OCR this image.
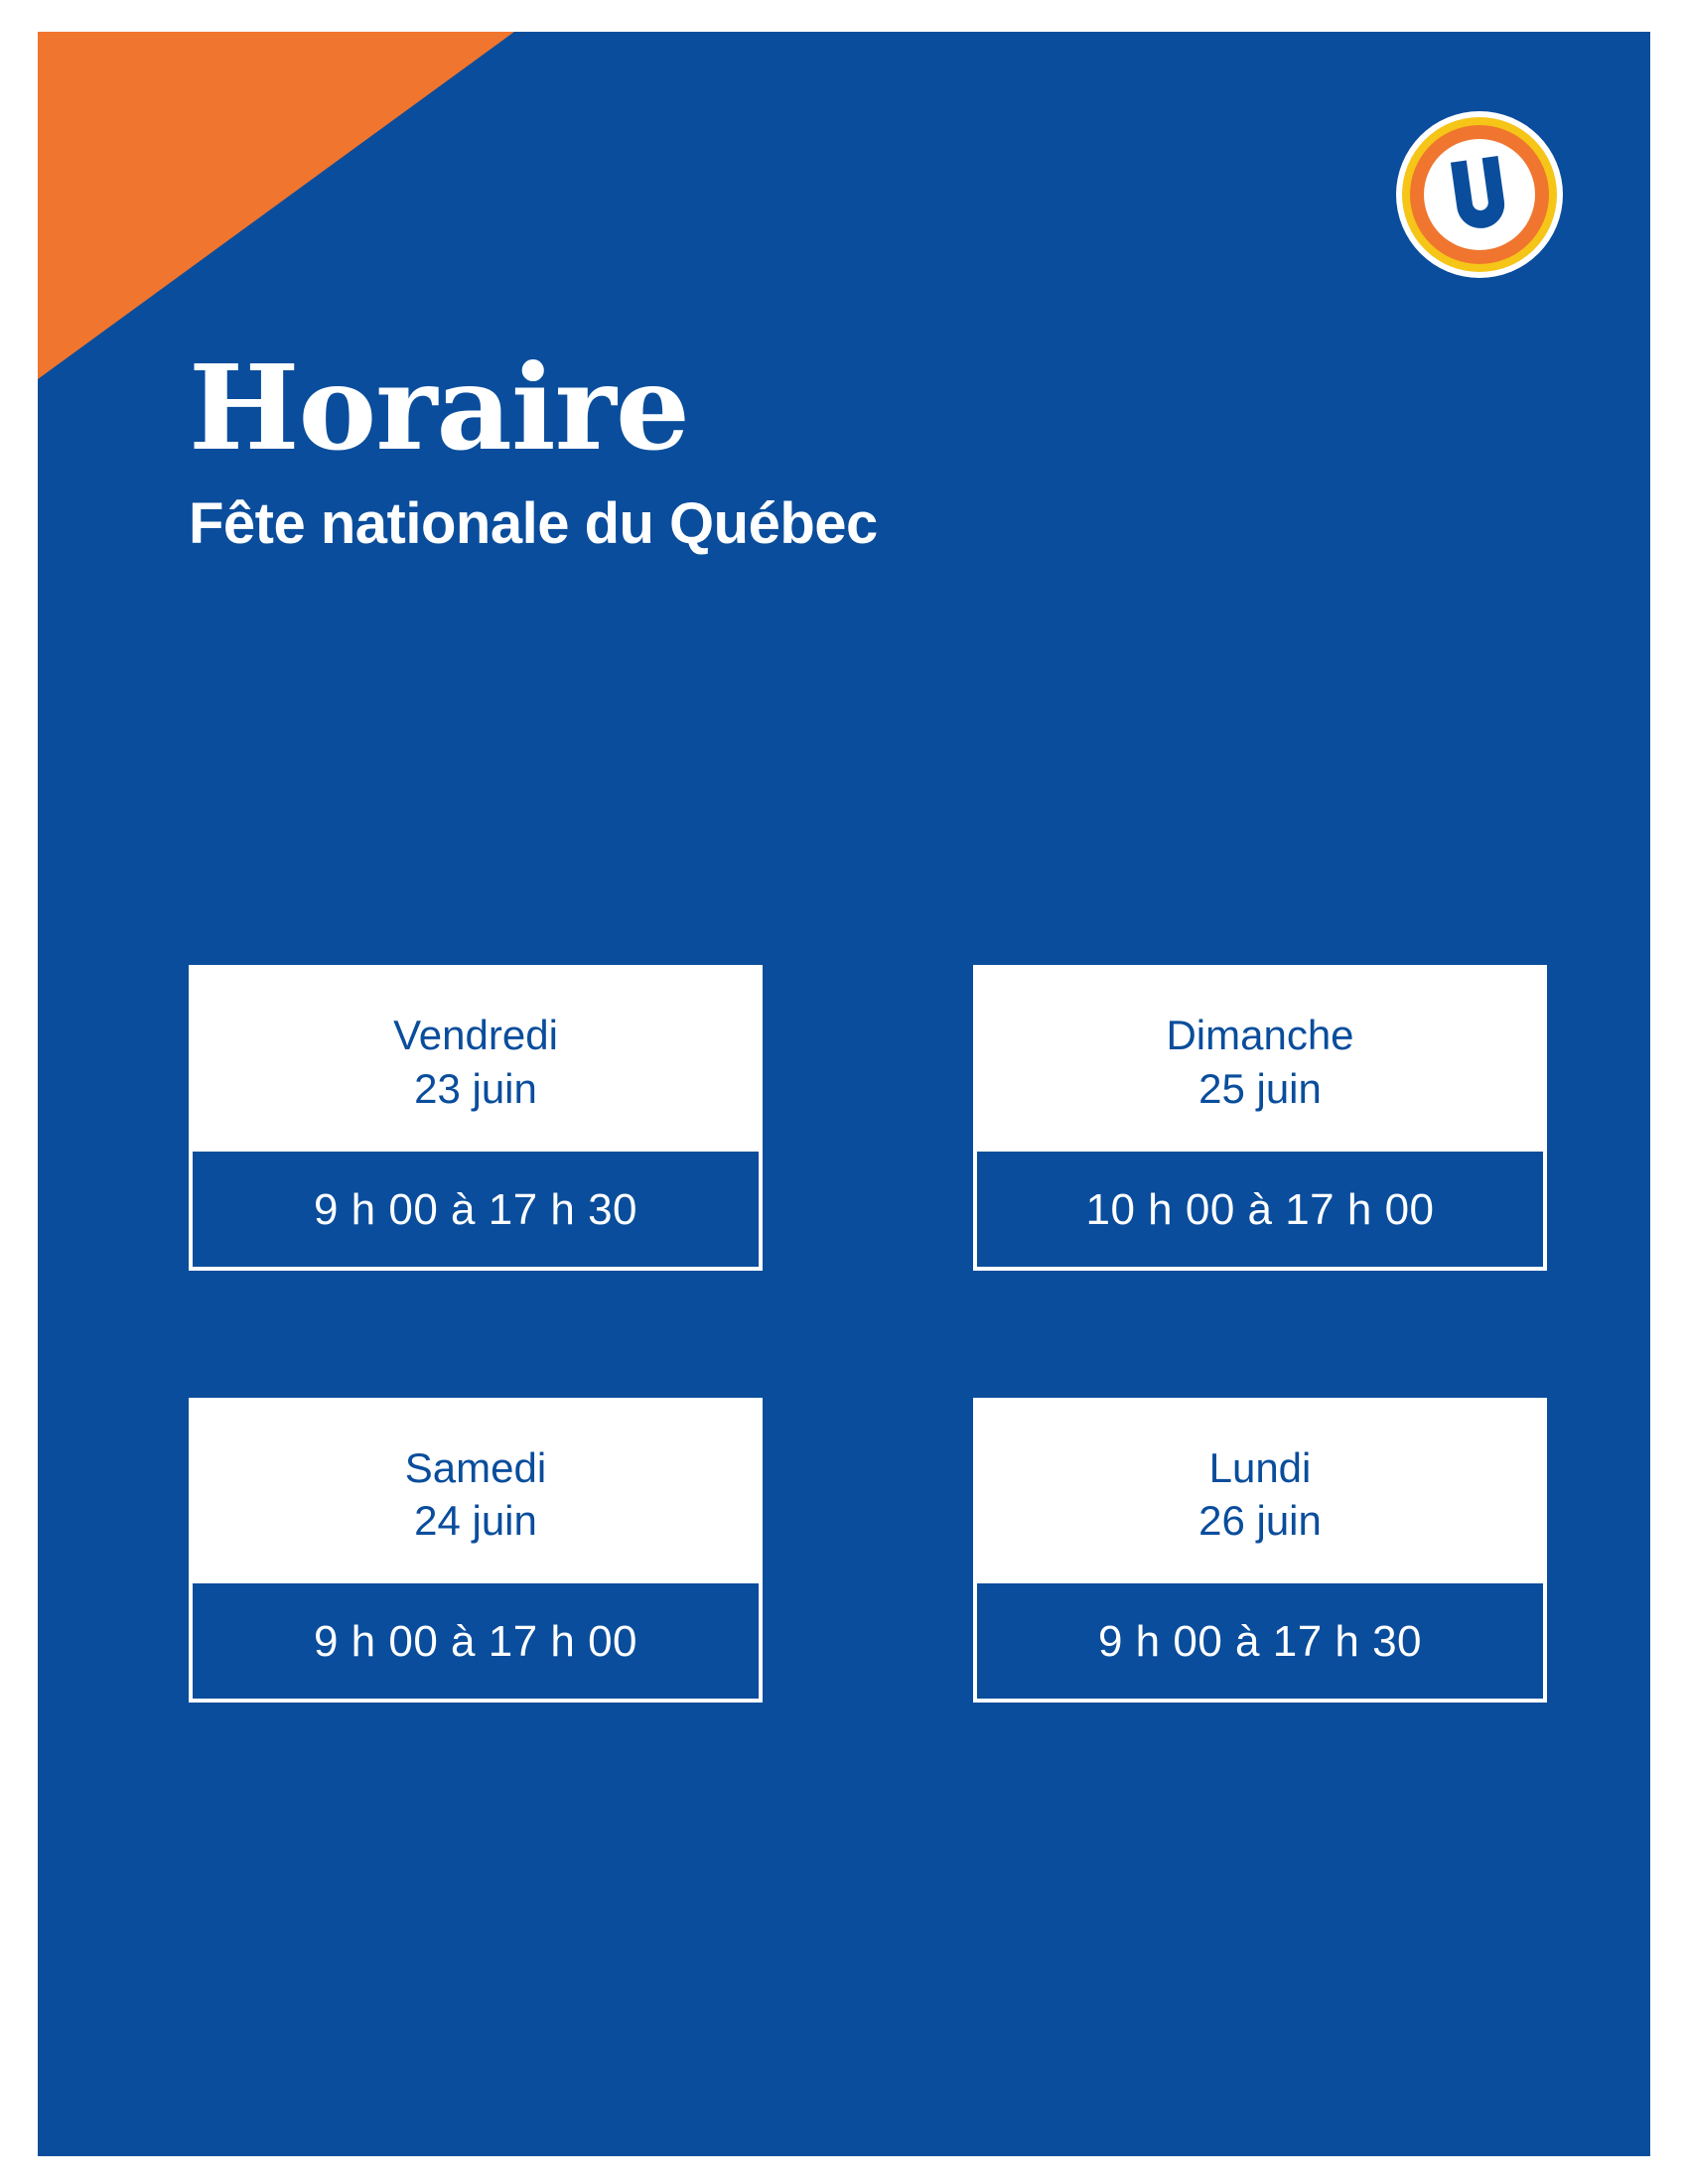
Horaire
Fête nationale du Québec
Vendredi
23 juin
9 h 00 à 17 h 30
Dimanche
25 juin
10 h 00 à 17 h 00
Samedi
24 juin
9 h 00 à 17 h 00
Lundi
26 juin
9 h 00 à 17 h 30
